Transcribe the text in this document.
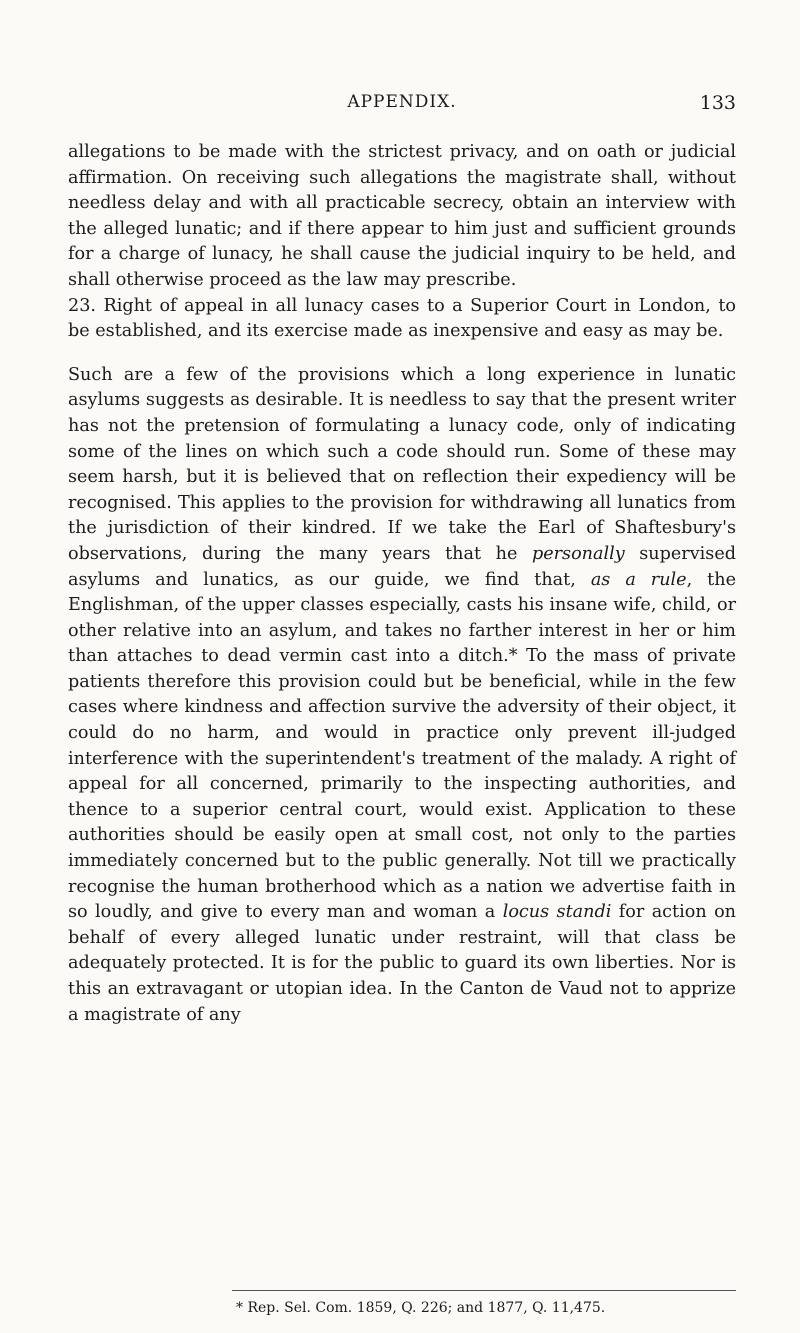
APPENDIX.	133

allegations to be made with the strictest privacy, and on oath or judicial affirmation. On receiving such allegations the magistrate shall, without needless delay and with all practicable secrecy, obtain an interview with the alleged lunatic; and if there appear to him just and sufficient grounds for a charge of lunacy, he shall cause the judicial inquiry to be held, and shall otherwise proceed as the law may prescribe.

23. Right of appeal in all lunacy cases to a Superior Court in London, to be established, and its exercise made as inexpensive and easy as may be.

Such are a few of the provisions which a long experience in lunatic asylums suggests as desirable. It is needless to say that the present writer has not the pretension of formulating a lunacy code, only of indicating some of the lines on which such a code should run. Some of these may seem harsh, but it is believed that on reflection their expediency will be recognised. This applies to the provision for withdrawing all lunatics from the jurisdiction of their kindred. If we take the Earl of Shaftesbury's observations, during the many years that he personally supervised asylums and lunatics, as our guide, we find that, as a rule, the Englishman, of the upper classes especially, casts his insane wife, child, or other relative into an asylum, and takes no farther interest in her or him than attaches to dead vermin cast into a ditch.* To the mass of private patients therefore this provision could but be beneficial, while in the few cases where kindness and affection survive the adversity of their object, it could do no harm, and would in practice only prevent ill-judged interference with the superintendent's treatment of the malady. A right of appeal for all concerned, primarily to the inspecting authorities, and thence to a superior central court, would exist. Application to these authorities should be easily open at small cost, not only to the parties immediately concerned but to the public generally. Not till we practically recognise the human brotherhood which as a nation we advertise faith in so loudly, and give to every man and woman a locus standi for action on behalf of every alleged lunatic under restraint, will that class be adequately protected. It is for the public to guard its own liberties. Nor is this an extravagant or utopian idea. In the Canton de Vaud not to apprize a magistrate of any

* Rep. Sel. Com. 1859, Q. 226; and 1877, Q. 11,475.
